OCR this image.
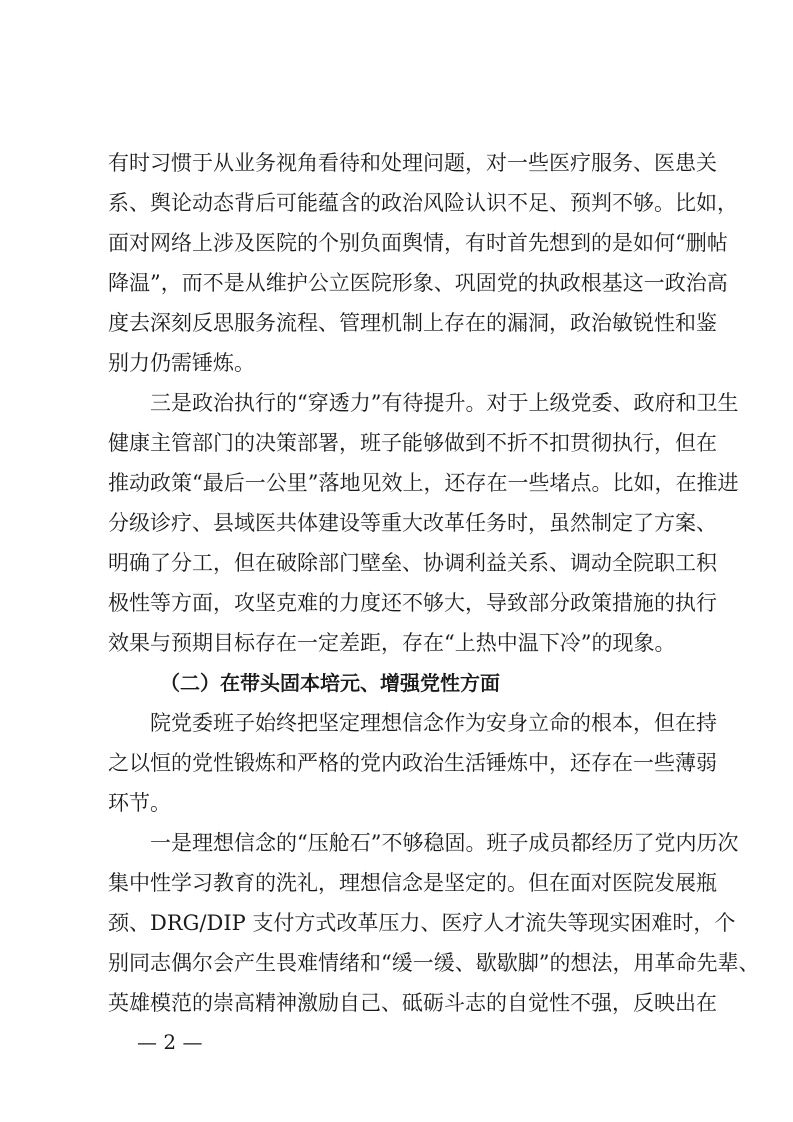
有时习惯于从业务视角看待和处理问题，对一些医疗服务、医患关
系、舆论动态背后可能蕴含的政治风险认识不足、预判不够。比如，
面对网络上涉及医院的个别负面舆情，有时首先想到的是如何“删帖
降温”，而不是从维护公立医院形象、巩固党的执政根基这一政治高
度去深刻反思服务流程、管理机制上存在的漏洞，政治敏锐性和鉴
别力仍需锤炼。
三是政治执行的“穿透力”有待提升。对于上级党委、政府和卫生
健康主管部门的决策部署，班子能够做到不折不扣贯彻执行，但在
推动政策“最后一公里”落地见效上，还存在一些堵点。比如，在推进
分级诊疗、县域医共体建设等重大改革任务时，虽然制定了方案、
明确了分工，但在破除部门壁垒、协调利益关系、调动全院职工积
极性等方面，攻坚克难的力度还不够大，导致部分政策措施的执行
效果与预期目标存在一定差距，存在“上热中温下冷”的现象。
（二）在带头固本培元、增强党性方面
院党委班子始终把坚定理想信念作为安身立命的根本，但在持
之以恒的党性锻炼和严格的党内政治生活锤炼中，还存在一些薄弱
环节。
一是理想信念的“压舱石”不够稳固。班子成员都经历了党内历次
集中性学习教育的洗礼，理想信念是坚定的。但在面对医院发展瓶
颈、DRG/DIP 支付方式改革压力、医疗人才流失等现实困难时，个
别同志偶尔会产生畏难情绪和“缓一缓、歇歇脚”的想法，用革命先辈、
英雄模范的崇高精神激励自己、砥砺斗志的自觉性不强，反映出在
— 2 —
